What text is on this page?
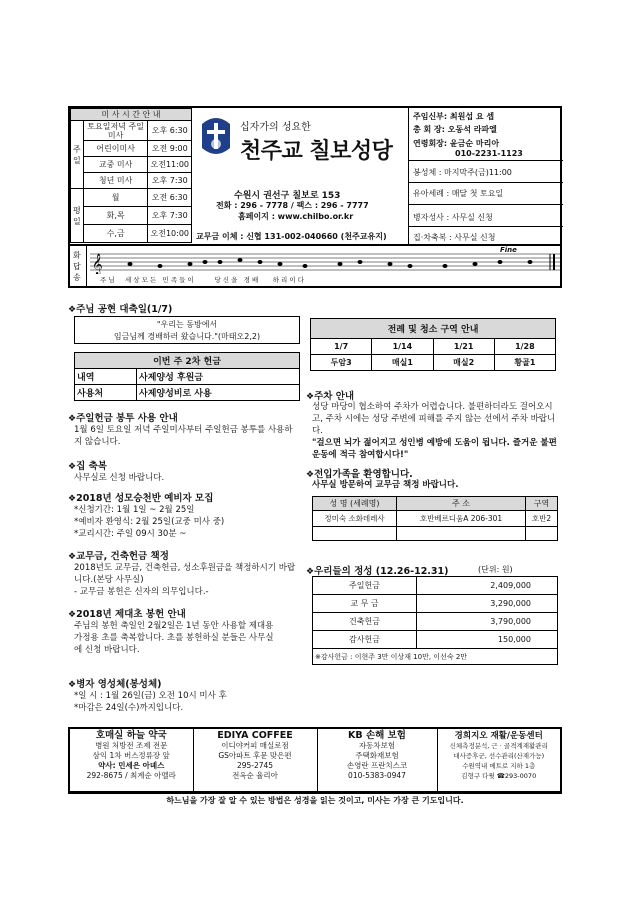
미 사 시 간 안 내		
주일	토요일저녁 주일미사	오후 6:30
	어린이미사	오전 9:00
	교중 미사	오전11:00
	청년 미사	오후 7:30
평일	월	오전 6:30
	화,목	오후 7:30
	수,금	오전10:00
십자가의 성요한
천주교 칠보성당
수원시 권선구 칠보로 153
전화 : 296 - 7778 / 팩스 : 296 - 7777
홈페이지 : www.chilbo.or.kr
교무금 이체 : 신협 131-002-040660 (천주교유지)
주임신부: 최원섭 요 셉
총 회 장: 오동석 라파엘
연령회장: 윤금순 마리아
010-2231-1123
봉성체 : 마지막주(금)11:00
유아세례 : 매달 첫 토요일
병자성사 : 사무실 신청
집·차축복 : 사무실 신청
화답송
𝄞
Fine
주 님     세 상 모 든   민 족 들 이          당 신 을   경 배       하 리 이 다
❖ 주님 공현 대축일(1/7)
"우리는 동방에서
임금님께 경배하러 왔습니다."(마태오2,2)
이번 주 2차 헌금	
내역	사제양성 후원금
사용처	사제양성비로 사용
❖ 주일헌금 봉투 사용 안내
1월 6일 토요일 저녁 주일미사부터 주일헌금 봉투를 사용하지 않습니다.
❖ 집 축복
사무실로 신청 바랍니다.
❖ 2018년 성모승천반 예비자 모집
*신청기간: 1월 1일 ~ 2월 25일
*예비자 환영식: 2월 25일(교중 미사 중)
*교리시간: 주일 09시 30분 ~
❖ 교무금, 건축헌금 책정
2018년도 교무금, 건축헌금, 성소후원금을 책정하시기 바랍니다.(본당 사무실)
- 교무금 봉헌은 신자의 의무입니다.-
❖ 2018년 제대초 봉헌 안내
주님의 봉헌 축일인 2월2일은 1년 동안 사용할 제대용 가정용 초를 축복합니다. 초를 봉헌하실 분들은 사무실에 신청 바랍니다.
❖ 병자 영성체(봉성체)
*일 시 : 1월 26일(금) 오전 10시 미사 후
*마감은 24일(수)까지입니다.
전례 및 청소 구역 안내			
1/7	1/14	1/21	1/28
두암3	매실1	매실2	황골1
❖ 주차 안내
성당 마당이 협소하여 주차가 어렵습니다. 불편하더라도 걸어오시고, 주차 시에는 성당 주변에 피해를 주지 않는 선에서 주차 바랍니다.
"걸으면 뇌가 젊어지고 성인병 예방에 도움이 됩니다. 즐거운 불편 운동에 적극 참여합시다!"
❖ 전입가족을 환영합니다.
사무실 방문하여 교무금 책정 바랍니다.
성 명 (세례명)	주 소	구역
정미숙 소화데레사	호반베르디움A 206-301	호반2

❖ 우리들의 정성 (12.26-12.31)	(단위: 원)
주일헌금	2,409,000
교 무 금	3,290,000
건축헌금	3,790,000
감사헌금	150,000
※감사헌금 : 이현주 3만 이상재 10만, 이선숙 2만	
호매실 하늘 약국
병원 처방전 조제 전문
삼익 1차 버스정류장 앞
약사: 민세은 아녜스
292-8675 / 최계순 아멜라

EDIYA COFFEE
이디야커피 매실로점
GS아파트 후문 맞은편
295-2745
전옥순 율리아

KB 손해 보험
자동차보험
주택화재보험
손영란 프란치스코
010-5383-0947

경희지오 재활/운동센터
신체측정분석, 근 · 골격계재활관리
대사증후군, 선수관리(산재가능)
수원역내 메트로 지하 1층
김형구 다윗 ☎293-0070
하느님을 가장 잘 알 수 있는 방법은 성경을 읽는 것이고, 미사는 가장 큰 기도입니다.
